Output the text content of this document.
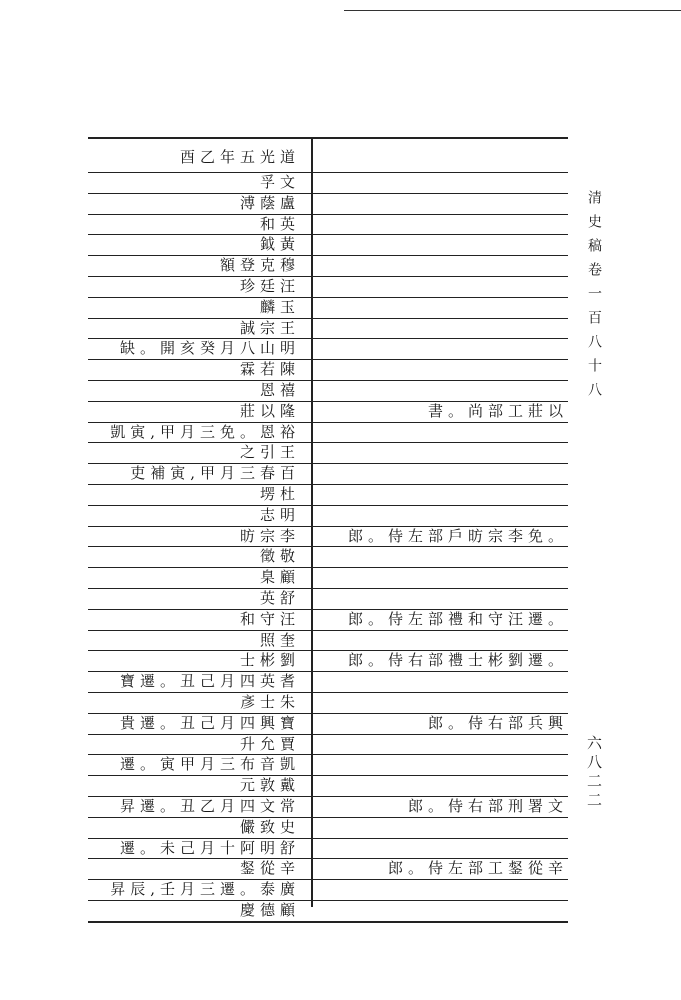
酉乙年五光道
孚文
溥蔭盧
和英
鉞黃
額登克穆
珍廷汪
麟玉
誠宗王
缺。開亥癸月八山明
霖若陳
恩禧
莊以隆	書。尚部工莊以
凱寅,甲月三免。恩裕
之引王
吏補寅,甲月三春百
塄杜
志明
昉宗李	郎。侍左部戶昉宗李免。
徵敬
臬顧
英舒
和守汪	郎。侍左部禮和守汪遷。
照奎
士彬劉	郎。侍右部禮士彬劉遷。
寶遷。丑己月四英耆
彥士朱
貴遷。丑己月四興寶	郎。侍右部兵興
升允賈
遷。寅甲月三布音凱
元敦戴
昇遷。丑乙月四文常	郎。侍右部刑署文
儼致史
遷。未己月十阿明舒
錖從辛	郎。侍左部工錖從辛
昇辰,壬月三遷。泰廣
慶德顧
清史稿卷一百八十八
六八二二
